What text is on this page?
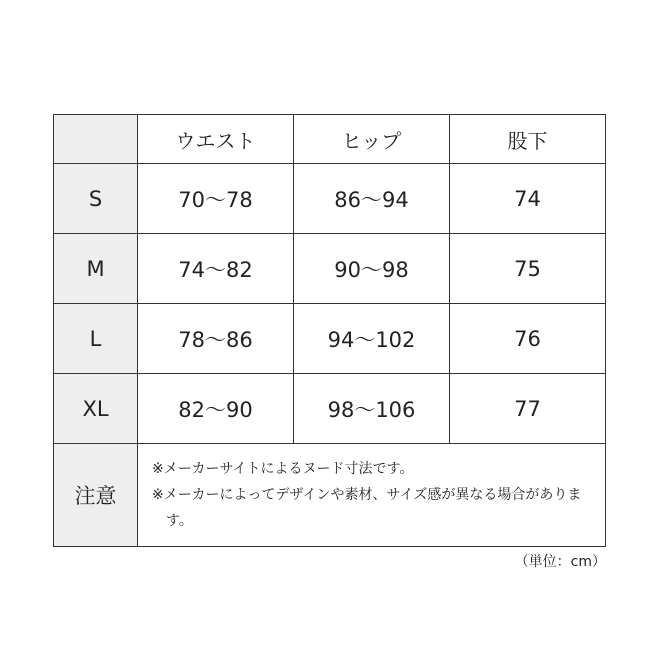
	ウエスト	ヒップ	股下
S	70〜78	86〜94	74
M	74〜82	90〜98	75
L	78〜86	94〜102	76
XL	82〜90	98〜106	77
注意	※メーカーサイトによるヌード寸法です。
※メーカーによってデザインや素材、サイズ感が異なる場合があります。		
（単位：cm）
